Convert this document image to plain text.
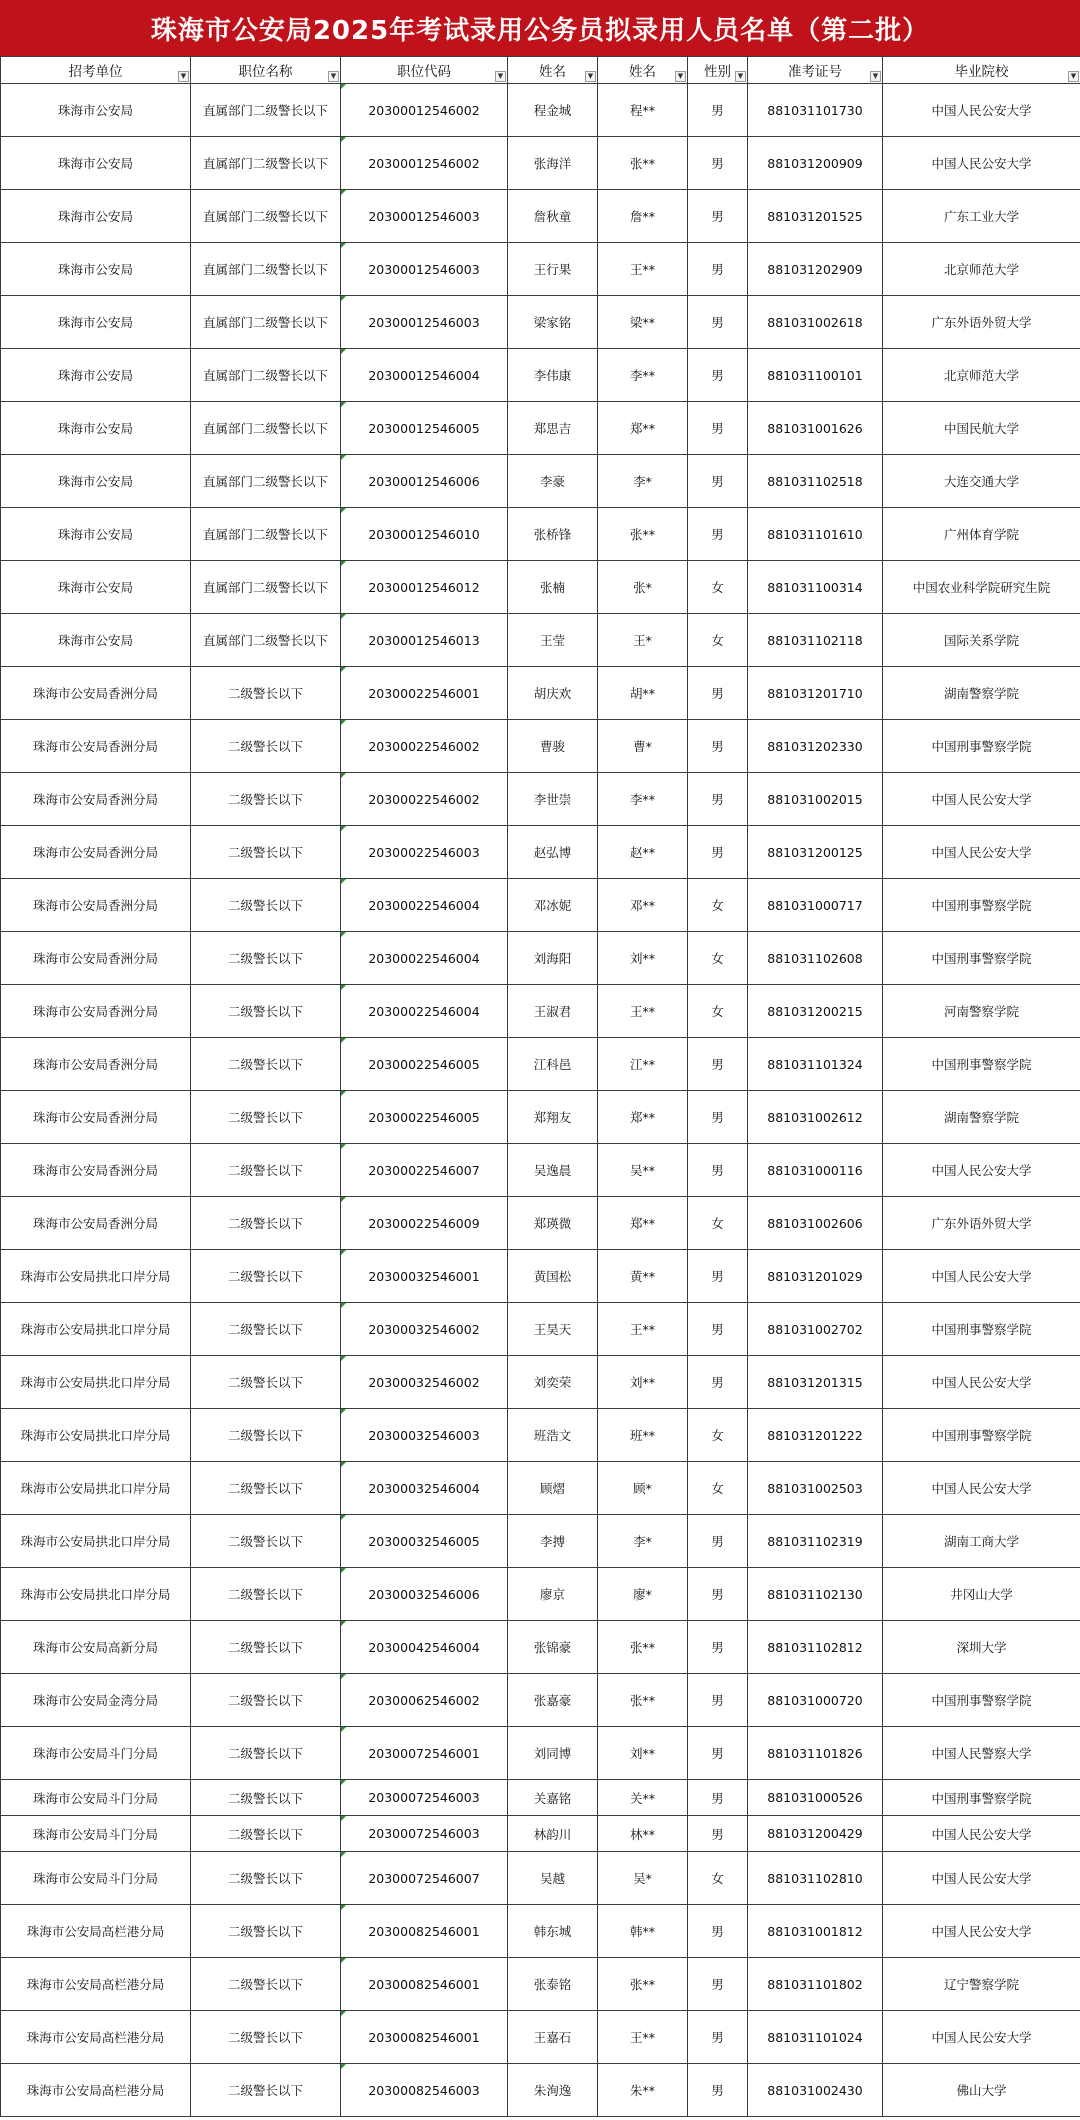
珠海市公安局2025年考试录用公务员拟录用人员名单（第二批）
招考单位 ▼	职位名称 ▼	职位代码 ▼	姓名 ▼	姓名 ▼	性别 ▼	准考证号 ▼	毕业院校 ▼

珠海市公安局	直属部门二级警长以下	20300012546002	程金城	程**	男	881031101730	中国人民公安大学
珠海市公安局	直属部门二级警长以下	20300012546002	张海洋	张**	男	881031200909	中国人民公安大学
珠海市公安局	直属部门二级警长以下	20300012546003	詹秋童	詹**	男	881031201525	广东工业大学
珠海市公安局	直属部门二级警长以下	20300012546003	王行果	王**	男	881031202909	北京师范大学
珠海市公安局	直属部门二级警长以下	20300012546003	梁家铭	梁**	男	881031002618	广东外语外贸大学
珠海市公安局	直属部门二级警长以下	20300012546004	李伟康	李**	男	881031100101	北京师范大学
珠海市公安局	直属部门二级警长以下	20300012546005	郑思吉	郑**	男	881031001626	中国民航大学
珠海市公安局	直属部门二级警长以下	20300012546006	李豪	李*	男	881031102518	大连交通大学
珠海市公安局	直属部门二级警长以下	20300012546010	张桥锋	张**	男	881031101610	广州体育学院
珠海市公安局	直属部门二级警长以下	20300012546012	张楠	张*	女	881031100314	中国农业科学院研究生院
珠海市公安局	直属部门二级警长以下	20300012546013	王莹	王*	女	881031102118	国际关系学院
珠海市公安局香洲分局	二级警长以下	20300022546001	胡庆欢	胡**	男	881031201710	湖南警察学院
珠海市公安局香洲分局	二级警长以下	20300022546002	曹骏	曹*	男	881031202330	中国刑事警察学院
珠海市公安局香洲分局	二级警长以下	20300022546002	李世崇	李**	男	881031002015	中国人民公安大学
珠海市公安局香洲分局	二级警长以下	20300022546003	赵弘博	赵**	男	881031200125	中国人民公安大学
珠海市公安局香洲分局	二级警长以下	20300022546004	邓冰妮	邓**	女	881031000717	中国刑事警察学院
珠海市公安局香洲分局	二级警长以下	20300022546004	刘海阳	刘**	女	881031102608	中国刑事警察学院
珠海市公安局香洲分局	二级警长以下	20300022546004	王淑君	王**	女	881031200215	河南警察学院
珠海市公安局香洲分局	二级警长以下	20300022546005	江科邑	江**	男	881031101324	中国刑事警察学院
珠海市公安局香洲分局	二级警长以下	20300022546005	郑翔友	郑**	男	881031002612	湖南警察学院
珠海市公安局香洲分局	二级警长以下	20300022546007	吴逸晨	吴**	男	881031000116	中国人民公安大学
珠海市公安局香洲分局	二级警长以下	20300022546009	郑瑛微	郑**	女	881031002606	广东外语外贸大学
珠海市公安局拱北口岸分局	二级警长以下	20300032546001	黄国松	黄**	男	881031201029	中国人民公安大学
珠海市公安局拱北口岸分局	二级警长以下	20300032546002	王昊天	王**	男	881031002702	中国刑事警察学院
珠海市公安局拱北口岸分局	二级警长以下	20300032546002	刘奕荣	刘**	男	881031201315	中国人民公安大学
珠海市公安局拱北口岸分局	二级警长以下	20300032546003	班浩文	班**	女	881031201222	中国刑事警察学院
珠海市公安局拱北口岸分局	二级警长以下	20300032546004	顾熠	顾*	女	881031002503	中国人民公安大学
珠海市公安局拱北口岸分局	二级警长以下	20300032546005	李搏	李*	男	881031102319	湖南工商大学
珠海市公安局拱北口岸分局	二级警长以下	20300032546006	廖京	廖*	男	881031102130	井冈山大学
珠海市公安局高新分局	二级警长以下	20300042546004	张锦豪	张**	男	881031102812	深圳大学
珠海市公安局金湾分局	二级警长以下	20300062546002	张嘉豪	张**	男	881031000720	中国刑事警察学院
珠海市公安局斗门分局	二级警长以下	20300072546001	刘同博	刘**	男	881031101826	中国人民警察大学
珠海市公安局斗门分局	二级警长以下	20300072546003	关嘉铭	关**	男	881031000526	中国刑事警察学院
珠海市公安局斗门分局	二级警长以下	20300072546003	林韵川	林**	男	881031200429	中国人民公安大学
珠海市公安局斗门分局	二级警长以下	20300072546007	吴越	吴*	女	881031102810	中国人民公安大学
珠海市公安局高栏港分局	二级警长以下	20300082546001	韩东城	韩**	男	881031001812	中国人民公安大学
珠海市公安局高栏港分局	二级警长以下	20300082546001	张泰铭	张**	男	881031101802	辽宁警察学院
珠海市公安局高栏港分局	二级警长以下	20300082546001	王嘉石	王**	男	881031101024	中国人民公安大学
珠海市公安局高栏港分局	二级警长以下	20300082546003	朱洵逸	朱**	男	881031002430	佛山大学
